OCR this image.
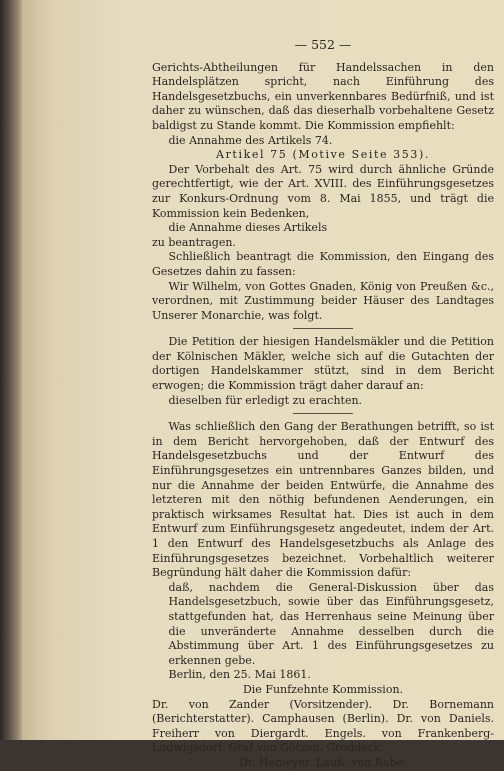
— 552 —

Gerichts-Abtheilungen für Handelssachen in den Handelsplätzen spricht, nach Einführung des Handelsgesetzbuchs, ein unverkennbares Bedürfniß, und ist daher zu wünschen, daß das dieserhalb vorbehaltene Gesetz baldigst zu Stande kommt. Die Kommission empfiehlt:

die Annahme des Artikels 74.

Artikel 75 (Motive Seite 353).

Der Vorbehalt des Art. 75 wird durch ähnliche Gründe gerechtfertigt, wie der Art. XVIII. des Einführungsgesetzes zur Konkurs-Ordnung vom 8. Mai 1855, und trägt die Kommission kein Bedenken,

die Annahme dieses Artikels

zu beantragen.

Schließlich beantragt die Kommission, den Eingang des Gesetzes dahin zu fassen:

Wir Wilhelm, von Gottes Gnaden, König von Preußen &c., verordnen, mit Zustimmung beider Häuser des Landtages Unserer Monarchie, was folgt.

Die Petition der hiesigen Handelsmäkler und die Petition der Kölnischen Mäkler, welche sich auf die Gutachten der dortigen Handelskammer stützt, sind in dem Bericht erwogen; die Kommission trägt daher darauf an:

dieselben für erledigt zu erachten.

Was schließlich den Gang der Berathungen betrifft, so ist in dem Bericht hervorgehoben, daß der Entwurf des Handelsgesetzbuchs und der Entwurf des Einführungsgesetzes ein untrennbares Ganzes bilden, und nur die Annahme der beiden Entwürfe, die Annahme des letzteren mit den nöthig befundenen Aenderungen, ein praktisch wirksames Resultat hat. Dies ist auch in dem Entwurf zum Einführungsgesetz angedeutet, indem der Art. 1 den Entwurf des Handelsgesetzbuchs als Anlage des Einführungsgesetzes bezeichnet. Vorbehaltlich weiterer Begründung hält daher die Kommission dafür:

daß, nachdem die General-Diskussion über das Handelsgesetzbuch, sowie über das Einführungsgesetz, stattgefunden hat, das Herrenhaus seine Meinung über die unveränderte Annahme desselben durch die Abstimmung über Art. 1 des Einführungsgesetzes zu erkennen gebe.

Berlin, den 25. Mai 1861.

Die Funfzehnte Kommission.

Dr. von Zander (Vorsitzender). Dr. Bornemann (Berichterstatter). Camphausen (Berlin). Dr. von Daniels. Freiherr von Diergardt. Engels. von Frankenberg-Ludwigsdorf. Graf von Götzen. Groddeck.

Dr. Homeyer. Lauß. von Rabe.
